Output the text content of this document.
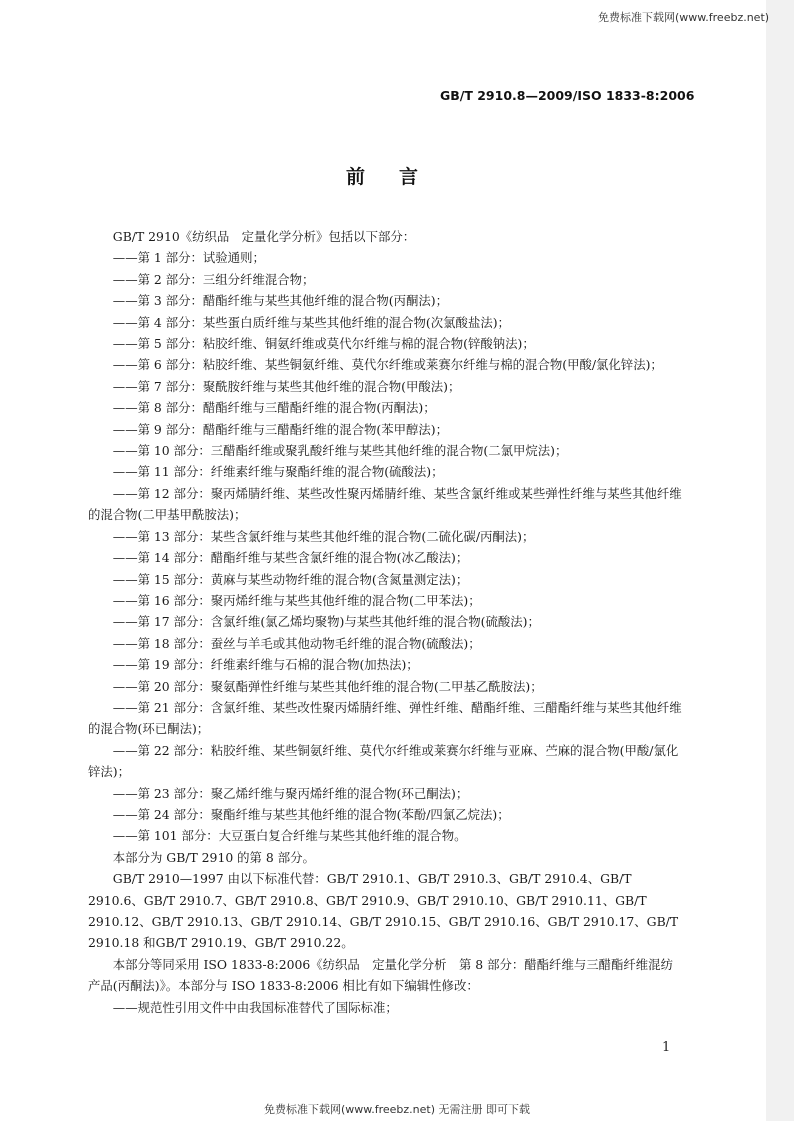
免费标准下载网(www.freebz.net)
GB/T 2910.8—2009/ISO 1833-8:2006
前言

GB/T 2910《纺织品　定量化学分析》包括以下部分：

——第 1 部分：试验通则；
——第 2 部分：三组分纤维混合物；
——第 3 部分：醋酯纤维与某些其他纤维的混合物(丙酮法)；
——第 4 部分：某些蛋白质纤维与某些其他纤维的混合物(次氯酸盐法)；
——第 5 部分：粘胶纤维、铜氨纤维或莫代尔纤维与棉的混合物(锌酸钠法)；
——第 6 部分：粘胶纤维、某些铜氨纤维、莫代尔纤维或莱赛尔纤维与棉的混合物(甲酸/氯化锌法)；
——第 7 部分：聚酰胺纤维与某些其他纤维的混合物(甲酸法)；
——第 8 部分：醋酯纤维与三醋酯纤维的混合物(丙酮法)；
——第 9 部分：醋酯纤维与三醋酯纤维的混合物(苯甲醇法)；
——第 10 部分：三醋酯纤维或聚乳酸纤维与某些其他纤维的混合物(二氯甲烷法)；
——第 11 部分：纤维素纤维与聚酯纤维的混合物(硫酸法)；
——第 12 部分：聚丙烯腈纤维、某些改性聚丙烯腈纤维、某些含氯纤维或某些弹性纤维与某些其他纤维的混合物(二甲基甲酰胺法)；
——第 13 部分：某些含氯纤维与某些其他纤维的混合物(二硫化碳/丙酮法)；
——第 14 部分：醋酯纤维与某些含氯纤维的混合物(冰乙酸法)；
——第 15 部分：黄麻与某些动物纤维的混合物(含氮量测定法)；
——第 16 部分：聚丙烯纤维与某些其他纤维的混合物(二甲苯法)；
——第 17 部分：含氯纤维(氯乙烯均聚物)与某些其他纤维的混合物(硫酸法)；
——第 18 部分：蚕丝与羊毛或其他动物毛纤维的混合物(硫酸法)；
——第 19 部分：纤维素纤维与石棉的混合物(加热法)；
——第 20 部分：聚氨酯弹性纤维与某些其他纤维的混合物(二甲基乙酰胺法)；
——第 21 部分：含氯纤维、某些改性聚丙烯腈纤维、弹性纤维、醋酯纤维、三醋酯纤维与某些其他纤维的混合物(环已酮法)；
——第 22 部分：粘胶纤维、某些铜氨纤维、莫代尔纤维或莱赛尔纤维与亚麻、苎麻的混合物(甲酸/氯化锌法)；
——第 23 部分：聚乙烯纤维与聚丙烯纤维的混合物(环己酮法)；
——第 24 部分：聚酯纤维与某些其他纤维的混合物(苯酚/四氯乙烷法)；
——第 101 部分：大豆蛋白复合纤维与某些其他纤维的混合物。

本部分为 GB/T 2910 的第 8 部分。

GB/T 2910—1997 由以下标准代替：GB/T 2910.1、GB/T 2910.3、GB/T 2910.4、GB/T 2910.6、GB/T 2910.7、GB/T 2910.8、GB/T 2910.9、GB/T 2910.10、GB/T 2910.11、GB/T 2910.12、GB/T 2910.13、GB/T 2910.14、GB/T 2910.15、GB/T 2910.16、GB/T 2910.17、GB/T 2910.18 和GB/T 2910.19、GB/T 2910.22。

本部分等同采用 ISO 1833-8:2006《纺织品　定量化学分析　第 8 部分：醋酯纤维与三醋酯纤维混纺产品(丙酮法)》。本部分与 ISO 1833-8:2006 相比有如下编辑性修改：

——规范性引用文件中由我国标准替代了国际标准；

1
免费标准下载网(www.freebz.net) 无需注册 即可下载
